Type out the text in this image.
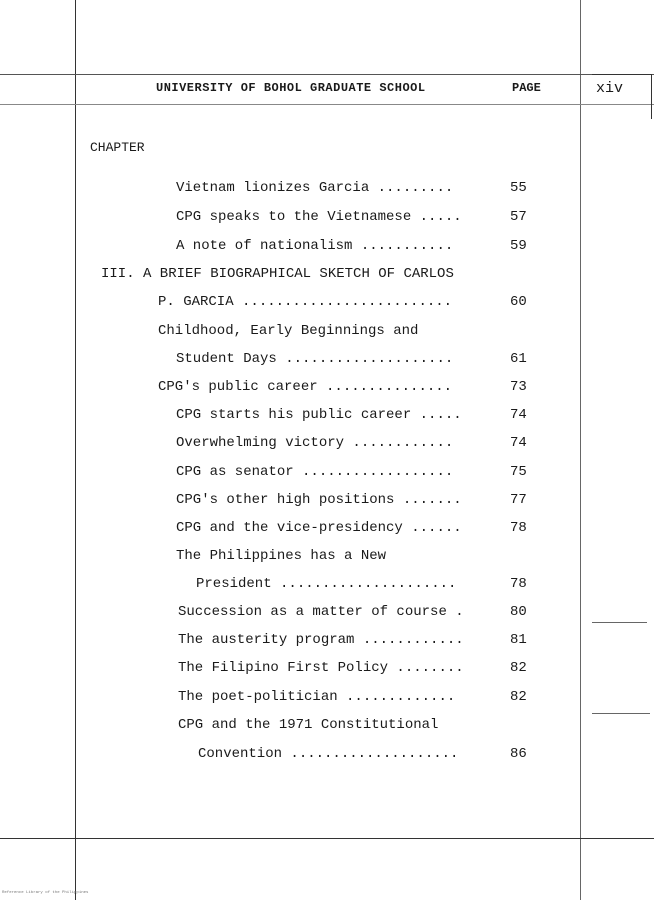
UNIVERSITY OF BOHOL GRADUATE SCHOOL	PAGE	xiv
CHAPTER
Vietnam lionizes Garcia .........	55
CPG speaks to the Vietnamese .....	57
A note of nationalism ...........	59
III. A BRIEF BIOGRAPHICAL SKETCH OF CARLOS
P. GARCIA .........................	60
Childhood, Early Beginnings and
Student Days ....................	61
CPG's public career ...............	73
CPG starts his public career .....	74
Overwhelming victory ............	74
CPG as senator ..................	75
CPG's other high positions .......	77
CPG and the vice-presidency ......	78
The Philippines has a New
President .....................	78
Succession as a matter of course .	80
The austerity program ............	81
The Filipino First Policy ........	82
The poet-politician .............	82
CPG and the 1971 Constitutional
Convention ....................	86
Reference Library of the Philippines
